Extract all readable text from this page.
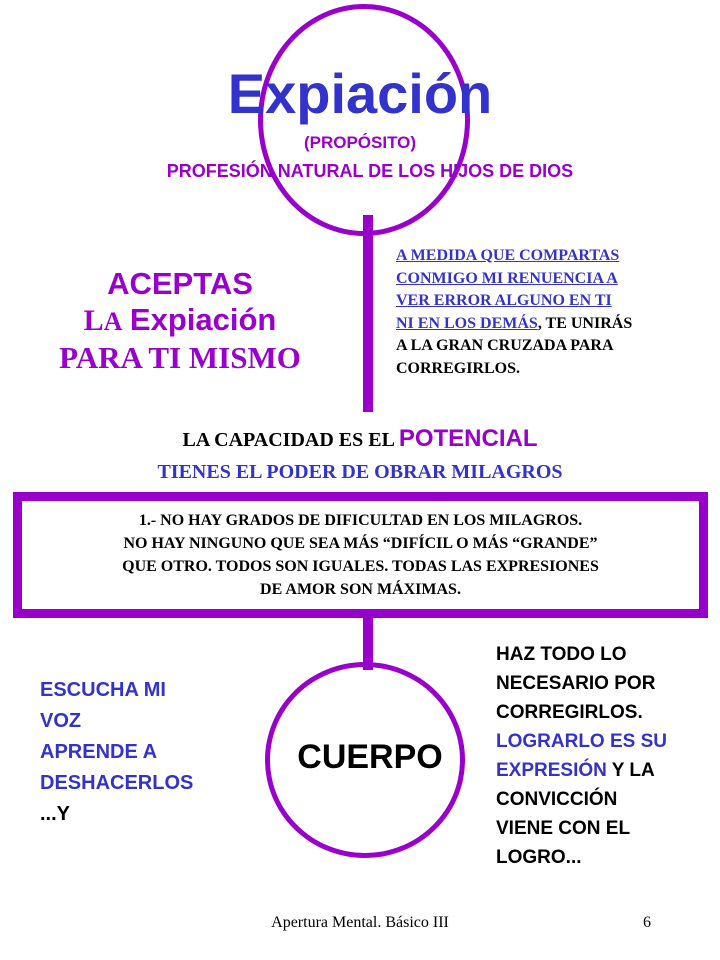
Expiación
(PROPÓSITO)
PROFESIÓN NATURAL DE LOS HIJOS DE DIOS
ACEPTAS
LA Expiación
PARA TI MISMO
A MEDIDA QUE COMPARTAS
CONMIGO MI RENUENCIA A
VER ERROR ALGUNO EN TI
NI EN LOS DEMÁS, TE UNIRÁS
A LA GRAN CRUZADA PARA
CORREGIRLOS.
LA CAPACIDAD ES EL POTENCIAL
TIENES EL PODER DE OBRAR MILAGROS
1.- NO HAY GRADOS DE DIFICULTAD EN LOS MILAGROS.
NO HAY NINGUNO QUE SEA MÁS “DIFÍCIL O MÁS “GRANDE”
QUE OTRO. TODOS SON IGUALES. TODAS LAS EXPRESIONES
DE AMOR SON MÁXIMAS.
ESCUCHA MI
VOZ
APRENDE A
DESHACERLOS
...Y
CUERPO
HAZ TODO LO
NECESARIO POR
CORREGIRLOS.
LOGRARLO ES SU
EXPRESIÓN Y LA
CONVICCIÓN
VIENE CON EL
LOGRO...
Apertura Mental. Básico III	6
